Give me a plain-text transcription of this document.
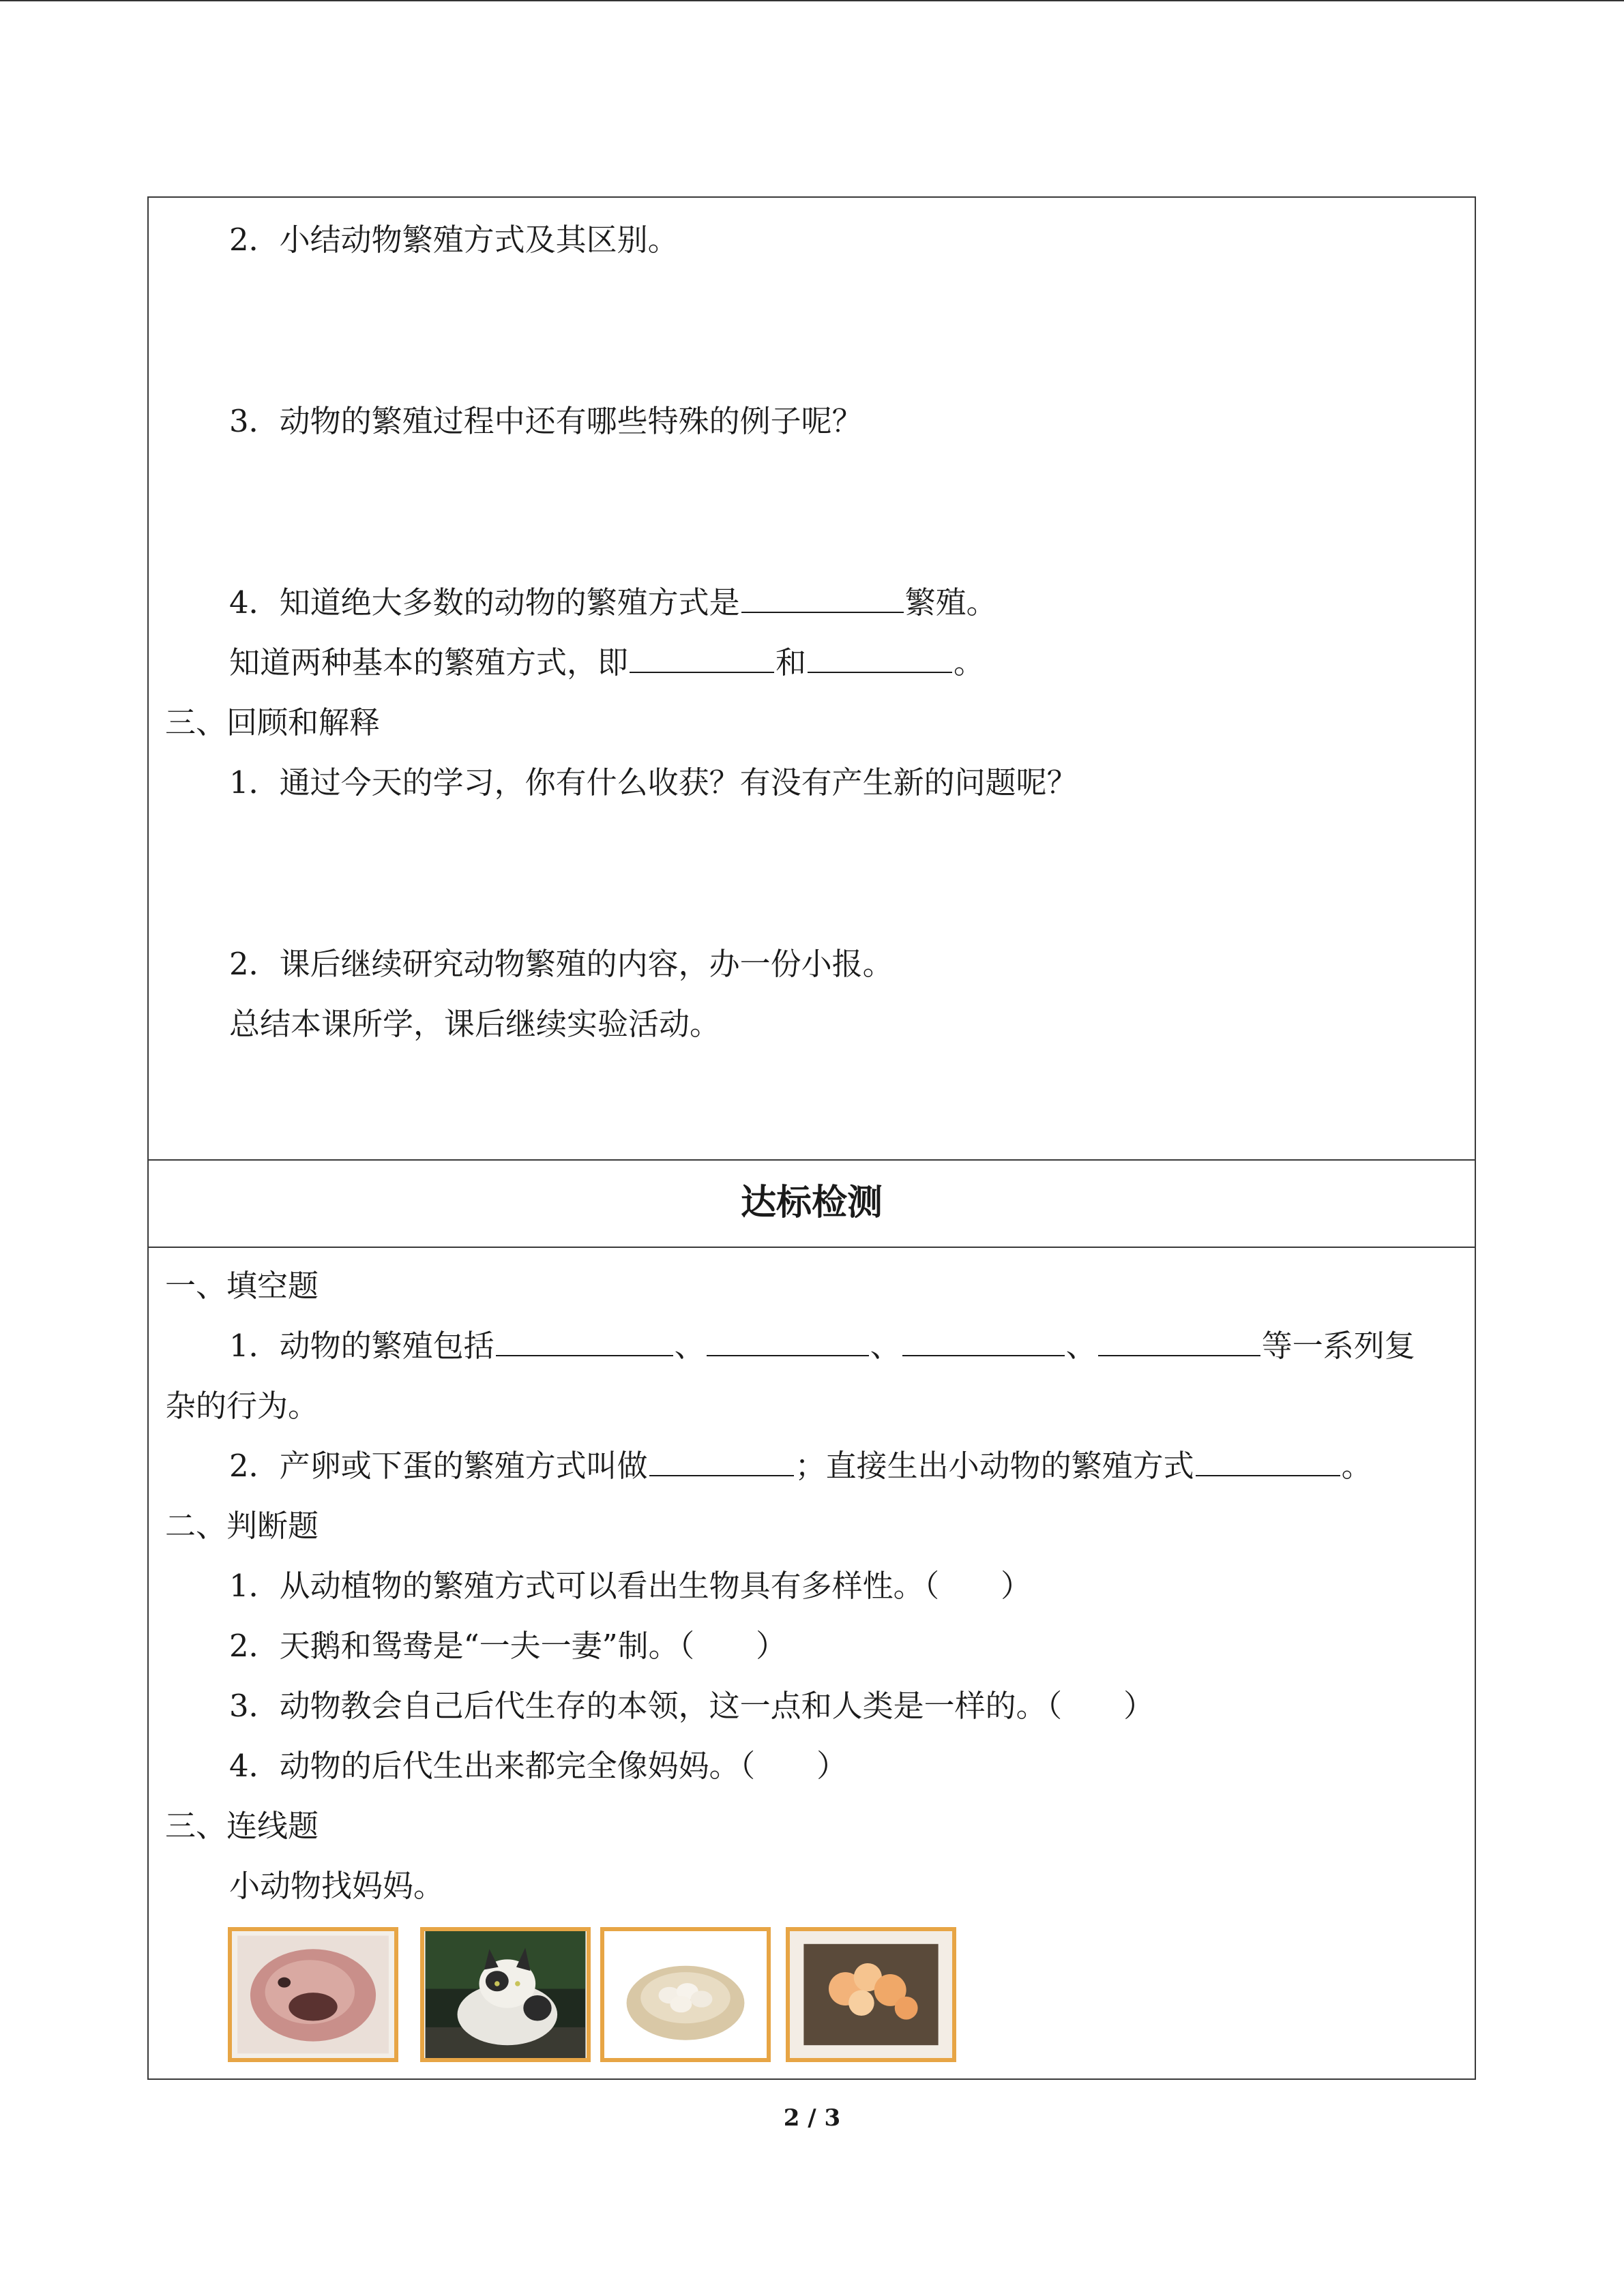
2．小结动物繁殖方式及其区别。
3．动物的繁殖过程中还有哪些特殊的例子呢？
4．知道绝大多数的动物的繁殖方式是	繁殖。
知道两种基本的繁殖方式，即	和	。
三、回顾和解释
1．通过今天的学习，你有什么收获？有没有产生新的问题呢？
2．课后继续研究动物繁殖的内容，办一份小报。
总结本课所学，课后继续实验活动。
达标检测
一、填空题
1．动物的繁殖包括	、	、	、	等一系列复
杂的行为。
2．产卵或下蛋的繁殖方式叫做	；直接生出小动物的繁殖方式	。
二、判断题
1．从动植物的繁殖方式可以看出生物具有多样性。（　　）
2．天鹅和鸳鸯是“一夫一妻”制。（　　）
3．动物教会自己后代生存的本领，这一点和人类是一样的。（　　）
4．动物的后代生出来都完全像妈妈。（　　）
三、连线题
小动物找妈妈。
2 / 3
